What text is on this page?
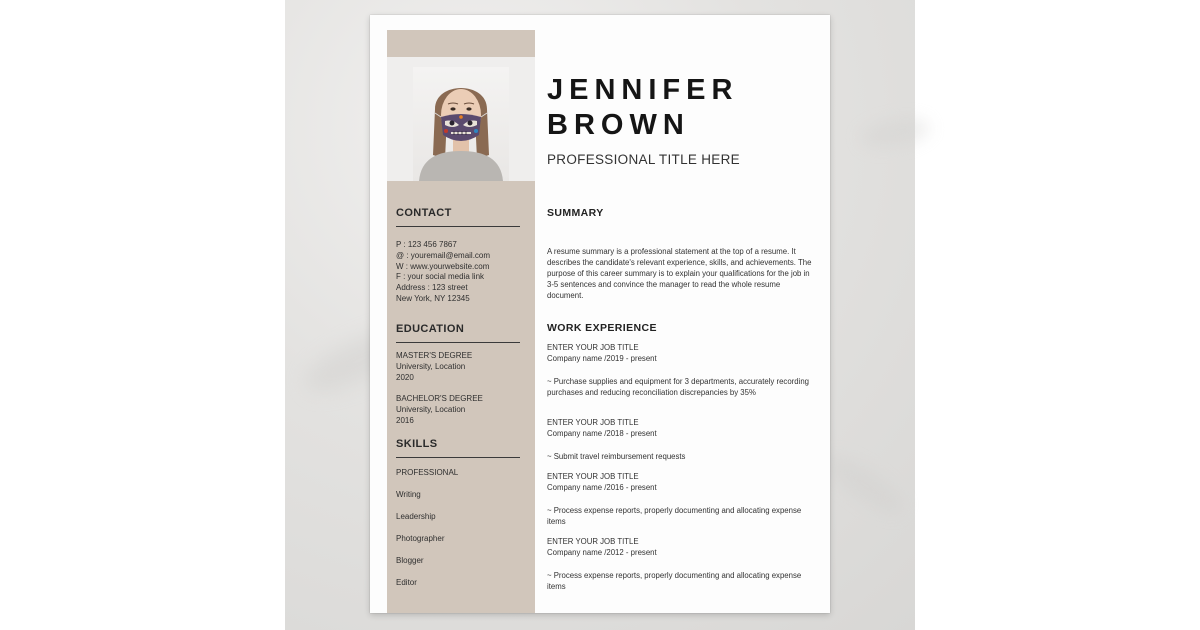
CONTACT
P : 123 456 7867
@ : youremail@email.com
W : www.yourwebsite.com
F : your social media link
Address : 123 street
New York, NY 12345
EDUCATION
MASTER'S DEGREE
University, Location
2020
BACHELOR'S DEGREE
University, Location
2016
SKILLS
PROFESSIONAL
Writing
Leadership
Photographer
Blogger
Editor
JENNIFER
BROWN
PROFESSIONAL TITLE HERE
SUMMARY
A resume summary is a professional statement at the top of a resume. It describes the candidate's relevant experience, skills, and achievements. The purpose of this career summary is to explain your qualifications for the job in 3-5 sentences and convince the manager to read the whole resume document.
WORK EXPERIENCE
ENTER YOUR JOB TITLE
Company name /2019 - present
~ Purchase supplies and equipment for 3 departments, accurately recording purchases and reducing reconciliation discrepancies by 35%
ENTER YOUR JOB TITLE
Company name /2018 - present
~ Submit travel reimbursement requests
ENTER YOUR JOB TITLE
Company name /2016 - present
~ Process expense reports, properly documenting and allocating expense items
ENTER YOUR JOB TITLE
Company name /2012 - present
~ Process expense reports, properly documenting and allocating expense items
